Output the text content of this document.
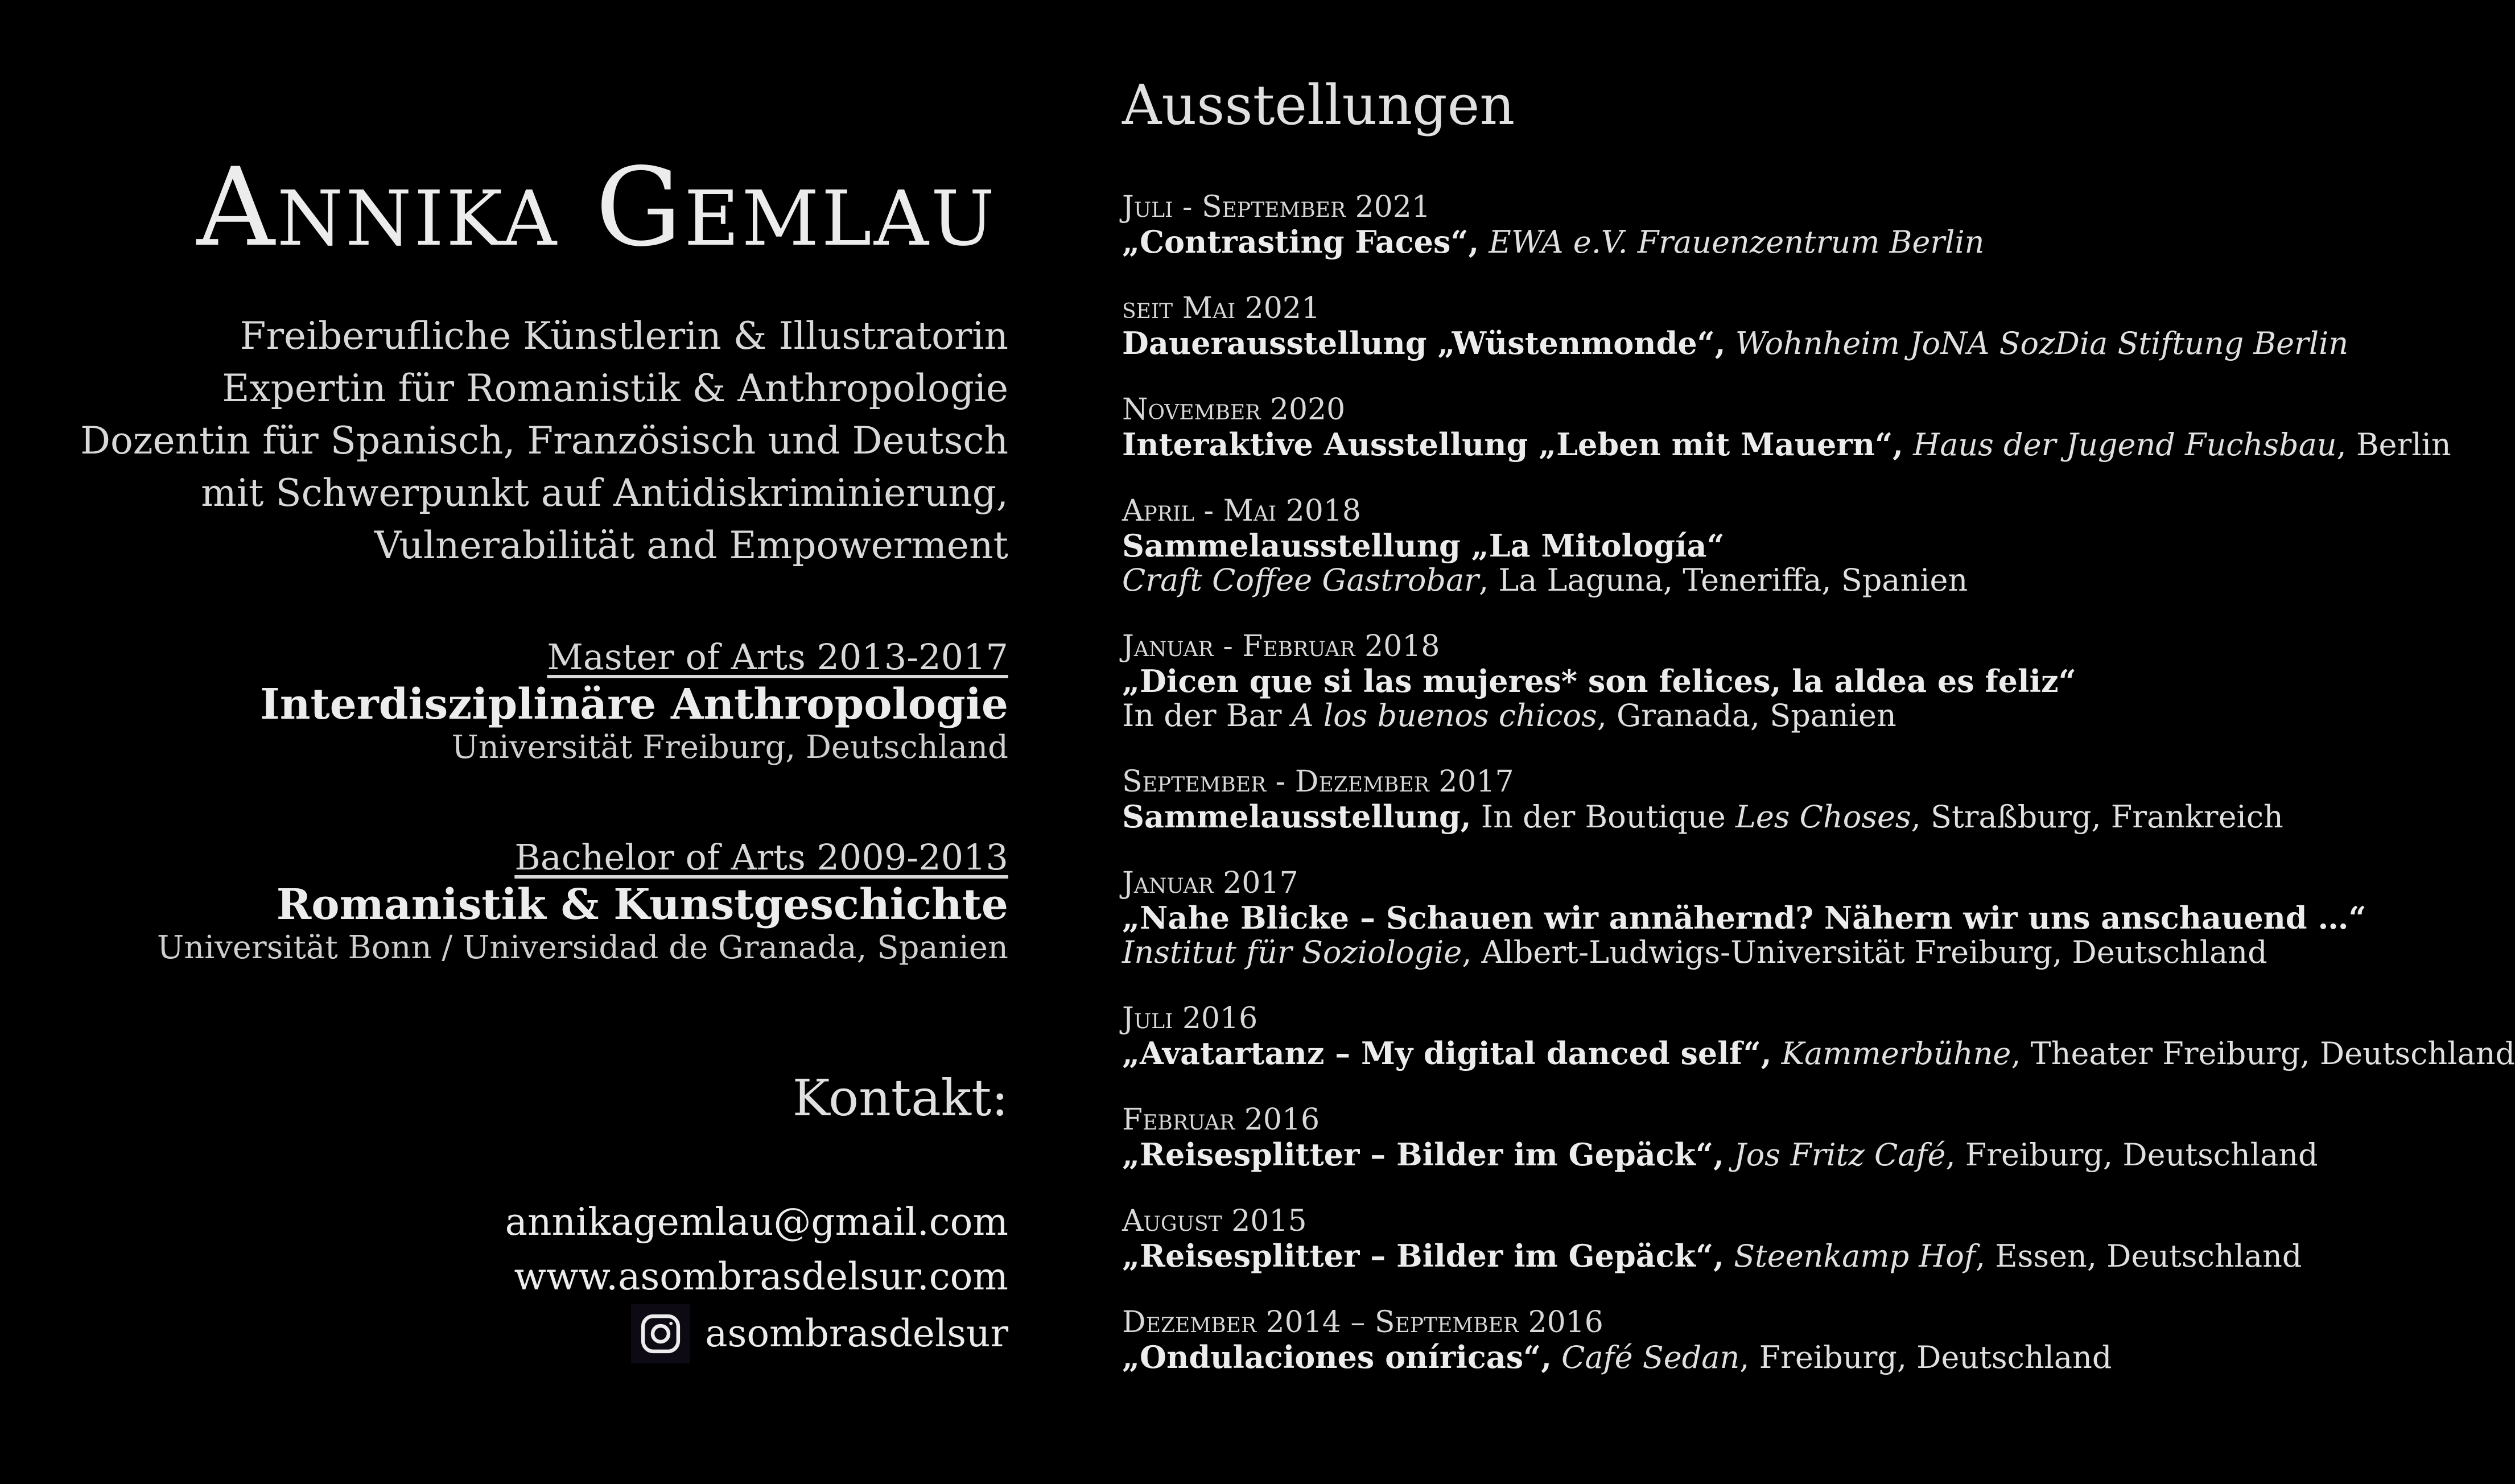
Annika Gemlau
Freiberufliche Künstlerin & Illustratorin
Expertin für Romanistik & Anthropologie
Dozentin für Spanisch, Französisch und Deutsch
mit Schwerpunkt auf Antidiskriminierung,
Vulnerabilität and Empowerment
Master of Arts 2013-2017
Interdisziplinäre Anthropologie
Universität Freiburg, Deutschland
Bachelor of Arts 2009-2013
Romanistik & Kunstgeschichte
Universität Bonn / Universidad de Granada, Spanien
Kontakt:
annikagemlau@gmail.com
www.asombrasdelsur.com
asombrasdelsur
Ausstellungen
Juli - September 2021
„Contrasting Faces“, EWA e.V. Frauenzentrum Berlin
seit Mai 2021
Dauerausstellung „Wüstenmonde“, Wohnheim JoNA SozDia Stiftung Berlin
November 2020
Interaktive Ausstellung „Leben mit Mauern“, Haus der Jugend Fuchsbau, Berlin
April - Mai 2018
Sammelausstellung „La Mitología“
Craft Coffee Gastrobar, La Laguna, Teneriffa, Spanien
Januar - Februar 2018
„Dicen que si las mujeres* son felices, la aldea es feliz“
In der Bar A los buenos chicos, Granada, Spanien
September - Dezember 2017
Sammelausstellung, In der Boutique Les Choses, Straßburg, Frankreich
Januar 2017
„Nahe Blicke – Schauen wir annähernd? Nähern wir uns anschauend …“
Institut für Soziologie, Albert-Ludwigs-Universität Freiburg, Deutschland
Juli 2016
„Avatartanz – My digital danced self“, Kammerbühne, Theater Freiburg, Deutschland
Februar 2016
„Reisesplitter – Bilder im Gepäck“, Jos Fritz Café, Freiburg, Deutschland
August 2015
„Reisesplitter – Bilder im Gepäck“, Steenkamp Hof, Essen, Deutschland
Dezember 2014 – September 2016
„Ondulaciones oníricas“, Café Sedan, Freiburg, Deutschland
